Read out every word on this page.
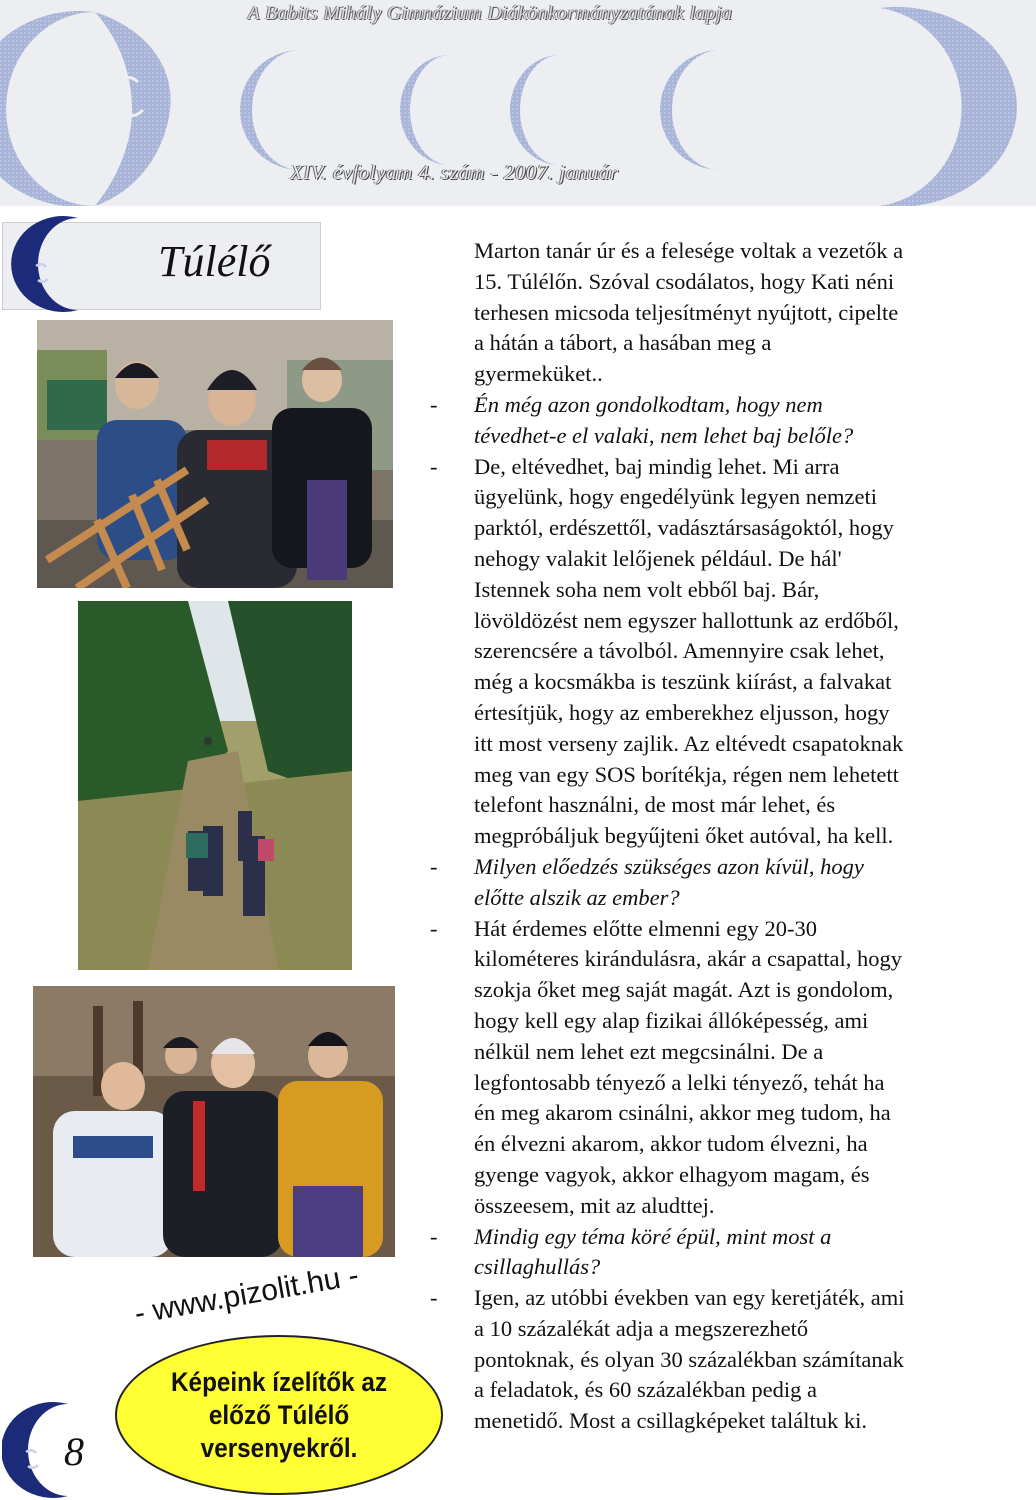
A Babits Mihály Gimnázium Diákönkormányzatának lapja
XIV. évfolyam 4. szám - 2007. január
Túlélő	Marton tanár úr és a felesége voltak a vezetők a
15. Túlélőn. Szóval csodálatos, hogy Kati néni
terhesen micsoda teljesítményt nyújtott, cipelte
a hátán a tábort, a hasában meg a
gyermeküket..

- Én még azon gondolkodtam, hogy nem
tévedhet-e el valaki, nem lehet baj belőle?
- De, eltévedhet, baj mindig lehet. Mi arra
ügyelünk, hogy engedélyünk legyen nemzeti
parktól, erdészettől, vadásztársaságoktól, hogy
nehogy valakit lelőjenek például. De hál'
Istennek soha nem volt ebből baj. Bár,
lövöldözést nem egyszer hallottunk az erdőből,
szerencsére a távolból. Amennyire csak lehet,
még a kocsmákba is teszünk kiírást, a falvakat
értesítjük, hogy az emberekhez eljusson, hogy
itt most verseny zajlik. Az eltévedt csapatoknak
meg van egy SOS borítékja, régen nem lehetett
telefont használni, de most már lehet, és
megpróbáljuk begyűjteni őket autóval, ha kell.
- Milyen előedzés szükséges azon kívül, hogy
előtte alszik az ember?
- Hát érdemes előtte elmenni egy 20-30
kilométeres kirándulásra, akár a csapattal, hogy
szokja őket meg saját magát. Azt is gondolom,
hogy kell egy alap fizikai állóképesség, ami
nélkül nem lehet ezt megcsinálni. De a
legfontosabb tényező a lelki tényező, tehát ha
én meg akarom csinálni, akkor meg tudom, ha
én élvezni akarom, akkor tudom élvezni, ha
gyenge vagyok, akkor elhagyom magam, és
összeesem, mit az aludttej.
- Mindig egy téma köré épül, mint most a
csillaghullás?
- Igen, az utóbbi években van egy keretjáték, ami
a 10 százalékát adja a megszerezhető
pontoknak, és olyan 30 százalékban számítanak
a feladatok, és 60 százalékban pedig a
menetidő. Most a csillagképeket találtuk ki.
- www.pizolit.hu -
Képeink ízelítők az
előző Túlélő
versenyekről.
8
